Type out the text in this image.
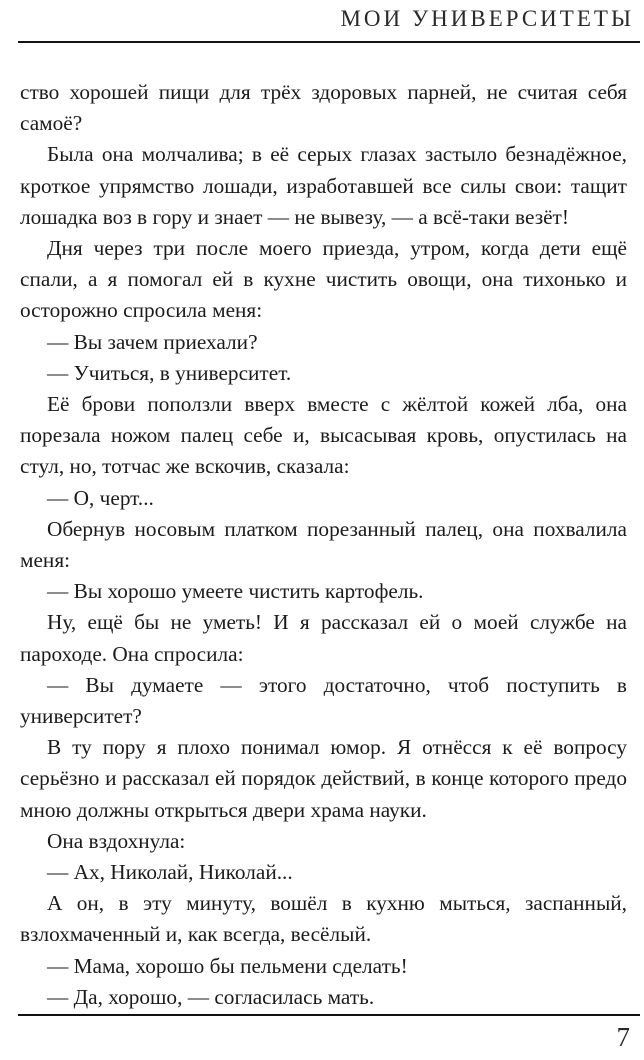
МОИ УНИВЕРСИТЕТЫ

ство хорошей пищи для трёх здоровых парней, не считая себя самоё?

Была она молчалива; в её серых глазах застыло безнадёжное, кроткое упрямство лошади, изработавшей все силы свои: тащит лошадка воз в гору и знает — не вывезу, — а всё-таки везёт!

Дня через три после моего приезда, утром, когда дети ещё спали, а я помогал ей в кухне чистить овощи, она тихонько и осторожно спросила меня:

— Вы зачем приехали?

— Учиться, в университет.

Её брови поползли вверх вместе с жёлтой кожей лба, она порезала ножом палец себе и, высасывая кровь, опустилась на стул, но, тотчас же вскочив, сказала:

— О, черт...

Обернув носовым платком порезанный палец, она похвалила меня:

— Вы хорошо умеете чистить картофель.

Ну, ещё бы не уметь! И я рассказал ей о моей службе на пароходе. Она спросила:

— Вы думаете — этого достаточно, чтоб поступить в университет?

В ту пору я плохо понимал юмор. Я отнёсся к её вопросу серьёзно и рассказал ей порядок действий, в конце которого предо мною должны открыться двери храма науки.

Она вздохнула:

— Ах, Николай, Николай...

А он, в эту минуту, вошёл в кухню мыться, заспанный, взлохмаченный и, как всегда, весёлый.

— Мама, хорошо бы пельмени сделать!

— Да, хорошо, — согласилась мать.

7
